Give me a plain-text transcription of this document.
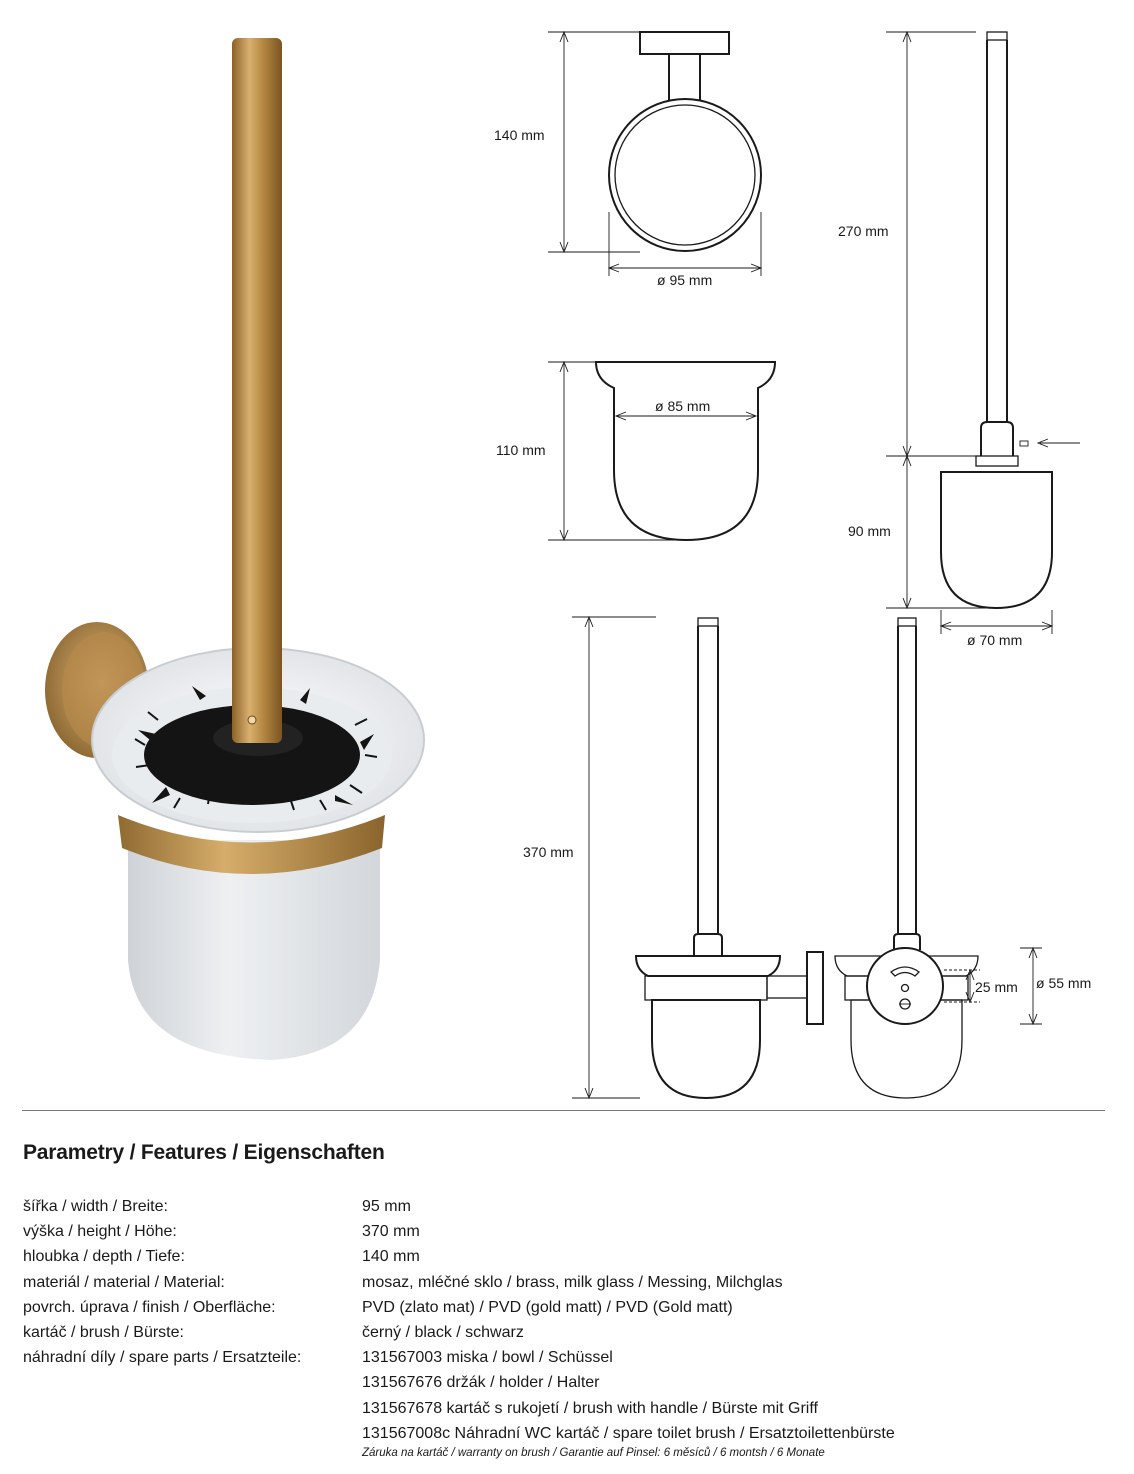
140 mm
ø 95 mm
110 mm
ø 85 mm
270 mm
90 mm
ø 70 mm
370 mm
25 mm ø 55 mm
Parametry / Features / Eigenschaften
šířka / width / Breite:	95 mm
výška / height / Höhe:	370 mm
hloubka / depth / Tiefe:	140 mm
materiál / material / Material:	mosaz, mléčné sklo / brass, milk glass / Messing, Milchglas
povrch. úprava / finish / Oberfläche:	PVD (zlato mat) / PVD (gold matt) / PVD (Gold matt)
kartáč / brush / Bürste:	černý / black / schwarz
náhradní díly / spare parts / Ersatzteile:	131567003 miska / bowl / Schüssel
131567676 držák / holder / Halter
131567678 kartáč s rukojetí / brush with handle / Bürste mit Griff
131567008c Náhradní WC kartáč / spare toilet brush / Ersatztoilettenbürste
Záruka na kartáč / warranty on brush / Garantie auf Pinsel: 6 měsíců / 6 montsh / 6 Monate
